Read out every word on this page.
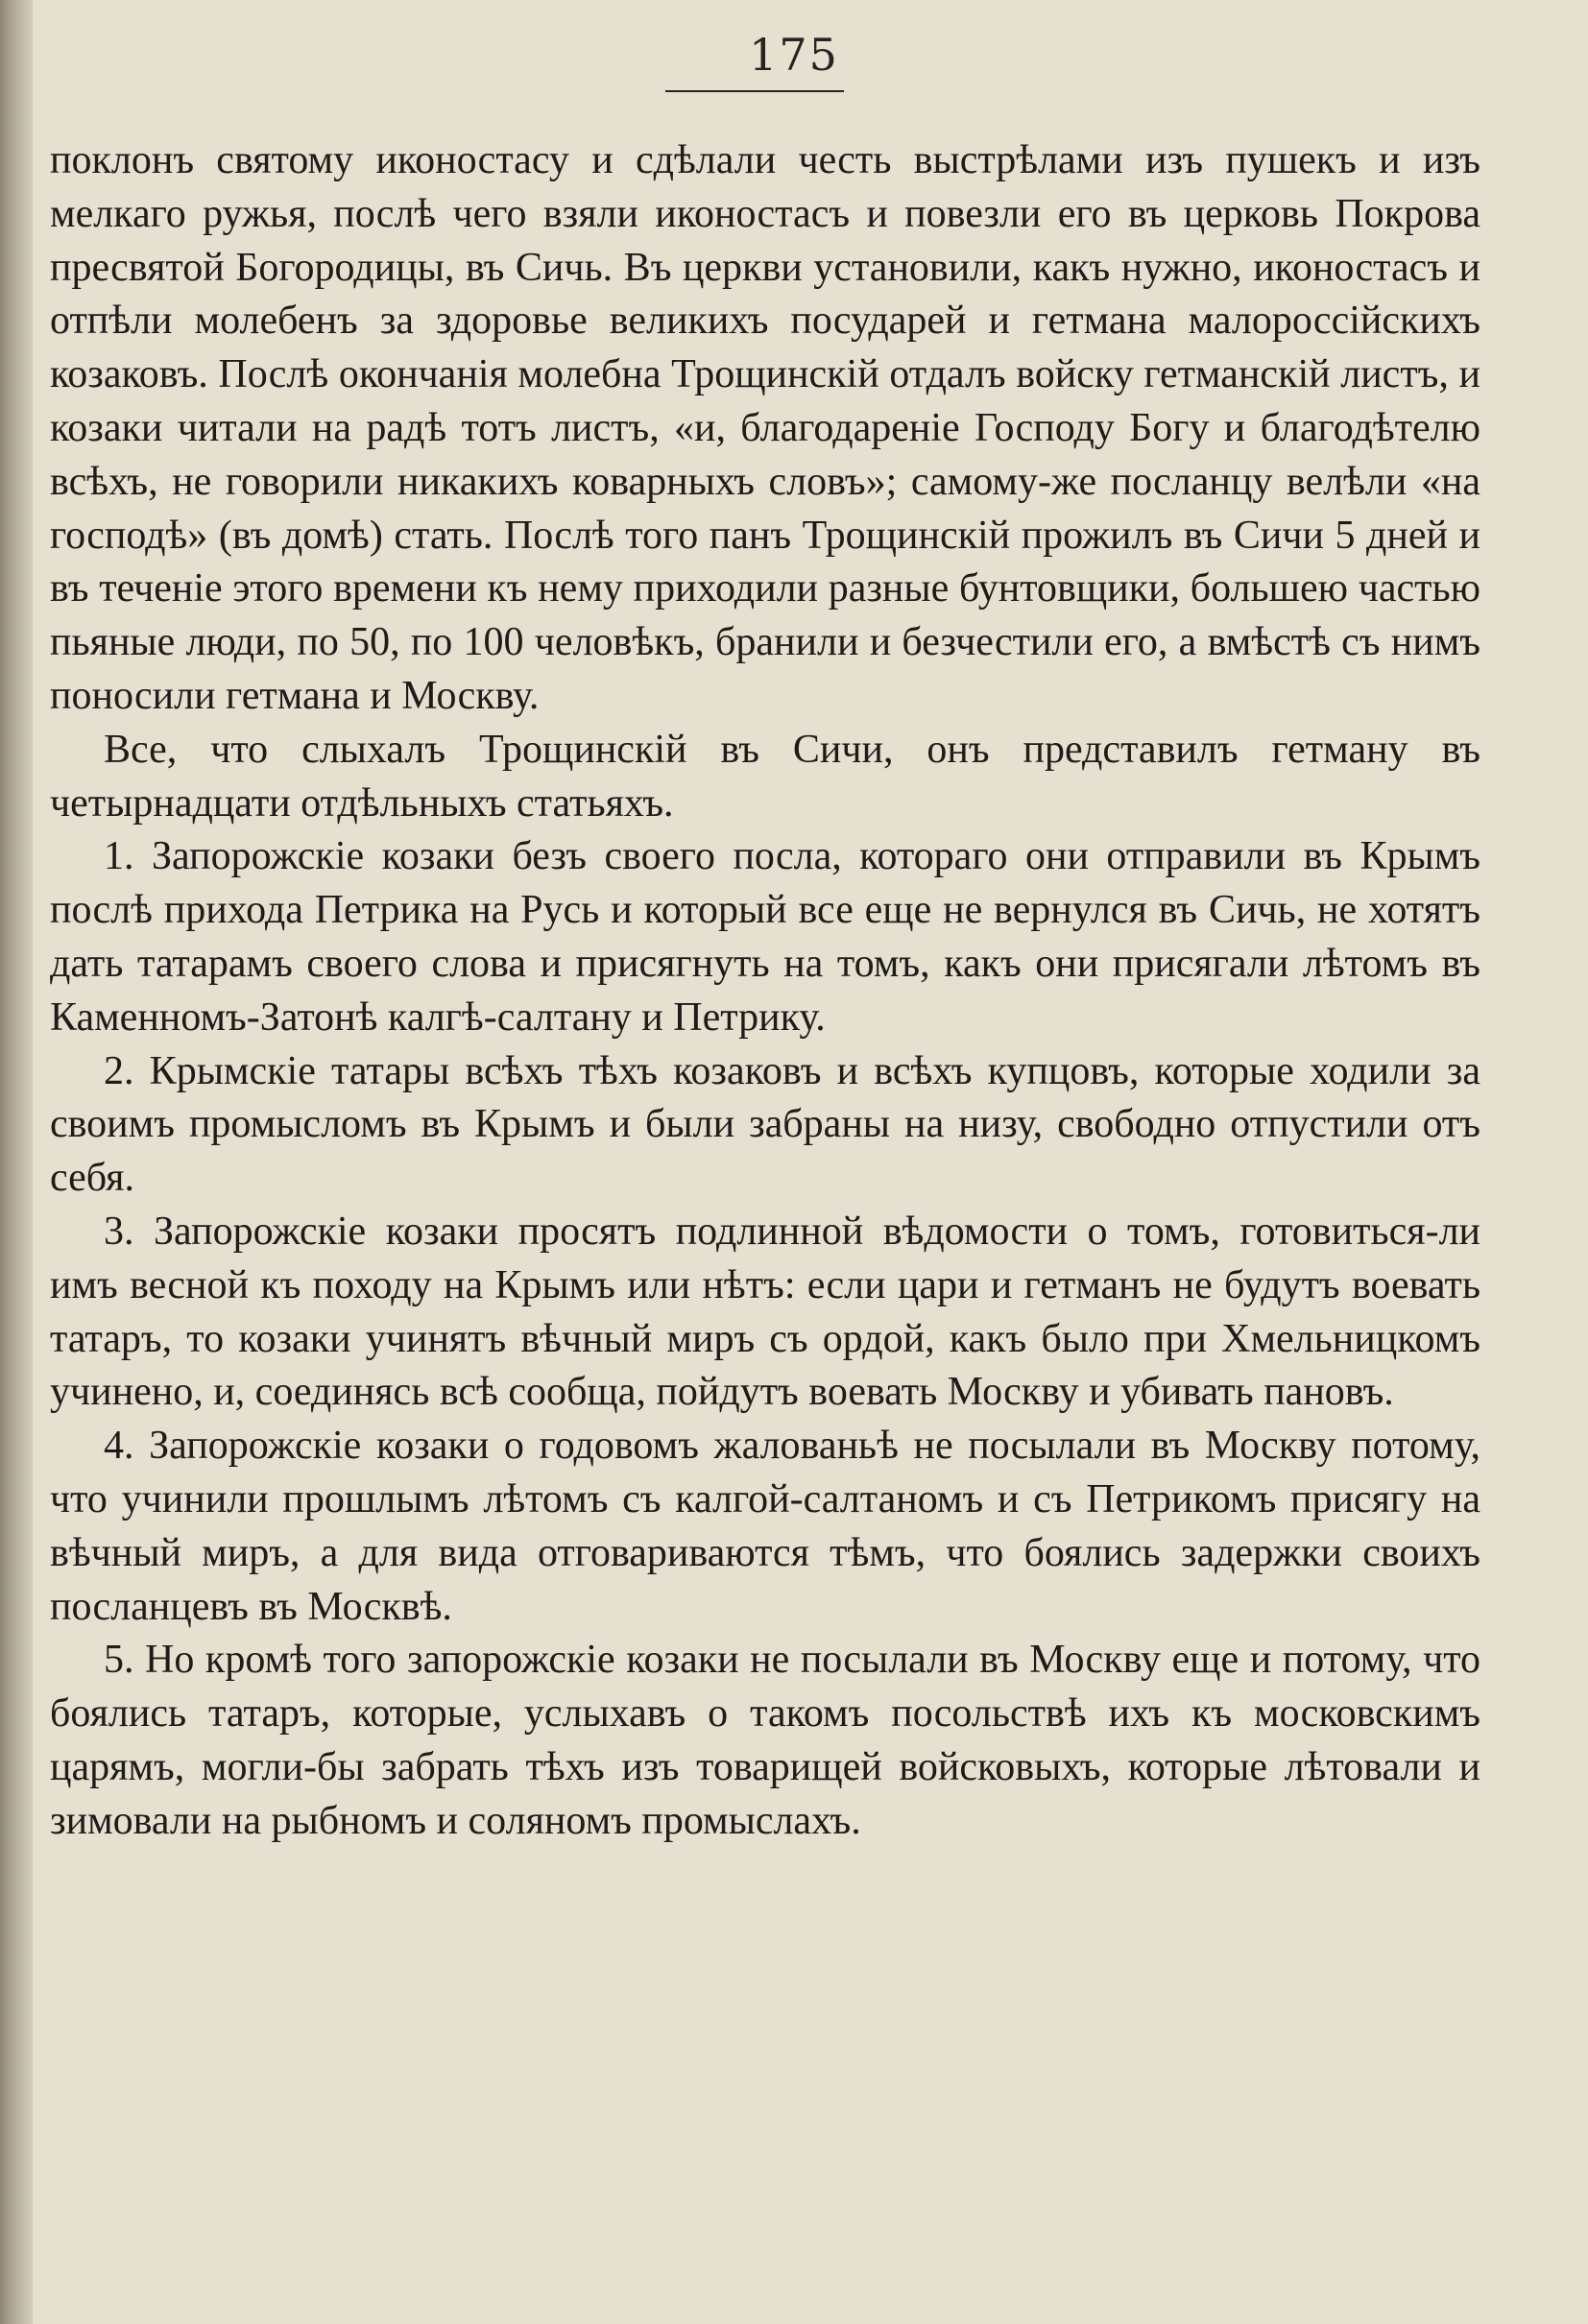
175

поклонъ святому иконостасу и сдѣлали честь выстрѣлами изъ пушекъ и изъ мелкаго ружья, послѣ чего взяли иконостасъ и повезли его въ церковь Покрова пресвятой Богородицы, въ Сичь. Въ церкви установили, какъ нужно, иконостасъ и отпѣли молебенъ за здоровье великихъ посударей и гетмана малороссійскихъ козаковъ. Послѣ окончанія молебна Трощинскій отдалъ войску гетманскій листъ, и козаки читали на радѣ тотъ листъ, «и, благодареніе Господу Богу и благодѣтелю всѣхъ, не говорили никакихъ коварныхъ словъ»; самому-же посланцу велѣли «на господѣ» (въ домѣ) стать. Послѣ того панъ Трощинскій прожилъ въ Сичи 5 дней и въ теченіе этого времени къ нему приходили разные бунтовщики, большею частью пьяные люди, по 50, по 100 человѣкъ, бранили и безчестили его, а вмѣстѣ съ нимъ поносили гетмана и Москву.

Все, что слыхалъ Трощинскій въ Сичи, онъ представилъ гетману въ четырнадцати отдѣльныхъ статьяхъ.

1. Запорожскіе козаки безъ своего посла, котораго они отправили въ Крымъ послѣ прихода Петрика на Русь и который все еще не вернулся въ Сичь, не хотятъ дать татарамъ своего слова и присягнуть на томъ, какъ они присягали лѣтомъ въ Каменномъ-Затонѣ калгѣ-салтану и Петрику.

2. Крымскіе татары всѣхъ тѣхъ козаковъ и всѣхъ купцовъ, которые ходили за своимъ промысломъ въ Крымъ и были забраны на низу, свободно отпустили отъ себя.

3. Запорожскіе козаки просятъ подлинной вѣдомости о томъ, готовиться-ли имъ весной къ походу на Крымъ или нѣтъ: если цари и гетманъ не будутъ воевать татаръ, то козаки учинятъ вѣчный миръ съ ордой, какъ было при Хмельницкомъ учинено, и, соединясь всѣ сообща, пойдутъ воевать Москву и убивать пановъ.

4. Запорожскіе козаки о годовомъ жалованьѣ не посылали въ Москву потому, что учинили прошлымъ лѣтомъ съ калгой-салтаномъ и съ Петрикомъ присягу на вѣчный миръ, а для вида отговариваются тѣмъ, что боялись задержки своихъ посланцевъ въ Москвѣ.

5. Но кромѣ того запорожскіе козаки не посылали въ Москву еще и потому, что боялись татаръ, которые, услыхавъ о такомъ посольствѣ ихъ къ московскимъ царямъ, могли-бы забрать тѣхъ изъ товарищей войсковыхъ, которые лѣтовали и зимовали на рыбномъ и соляномъ промыслахъ.
